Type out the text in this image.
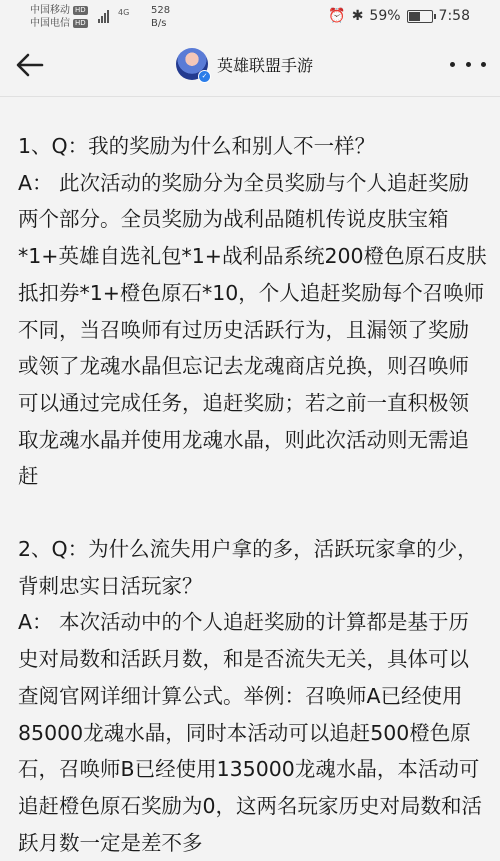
中国移动 HD
中国电信 HD
4G 528
B/s	⏰ ✱ 59%	7:58
✓
英雄联盟手游

1、Q：我的奖励为什么和别人不一样？

A： 此次活动的奖励分为全员奖励与个人追赶奖励两个部分。全员奖励为战利品随机传说皮肤宝箱*1+英雄自选礼包*1+战利品系统200橙色原石皮肤抵扣券*1+橙色原石*10，个人追赶奖励每个召唤师不同，当召唤师有过历史活跃行为，且漏领了奖励或领了龙魂水晶但忘记去龙魂商店兑换，则召唤师可以通过完成任务，追赶奖励；若之前一直积极领取龙魂水晶并使用龙魂水晶，则此次活动则无需追赶

2、Q：为什么流失用户拿的多，活跃玩家拿的少，背刺忠实日活玩家？

A： 本次活动中的个人追赶奖励的计算都是基于历史对局数和活跃月数，和是否流失无关，具体可以查阅官网详细计算公式。举例：召唤师A已经使用85000龙魂水晶，同时本活动可以追赶500橙色原石，召唤师B已经使用135000龙魂水晶，本活动可追赶橙色原石奖励为0，这两名玩家历史对局数和活跃月数一定是差不多
